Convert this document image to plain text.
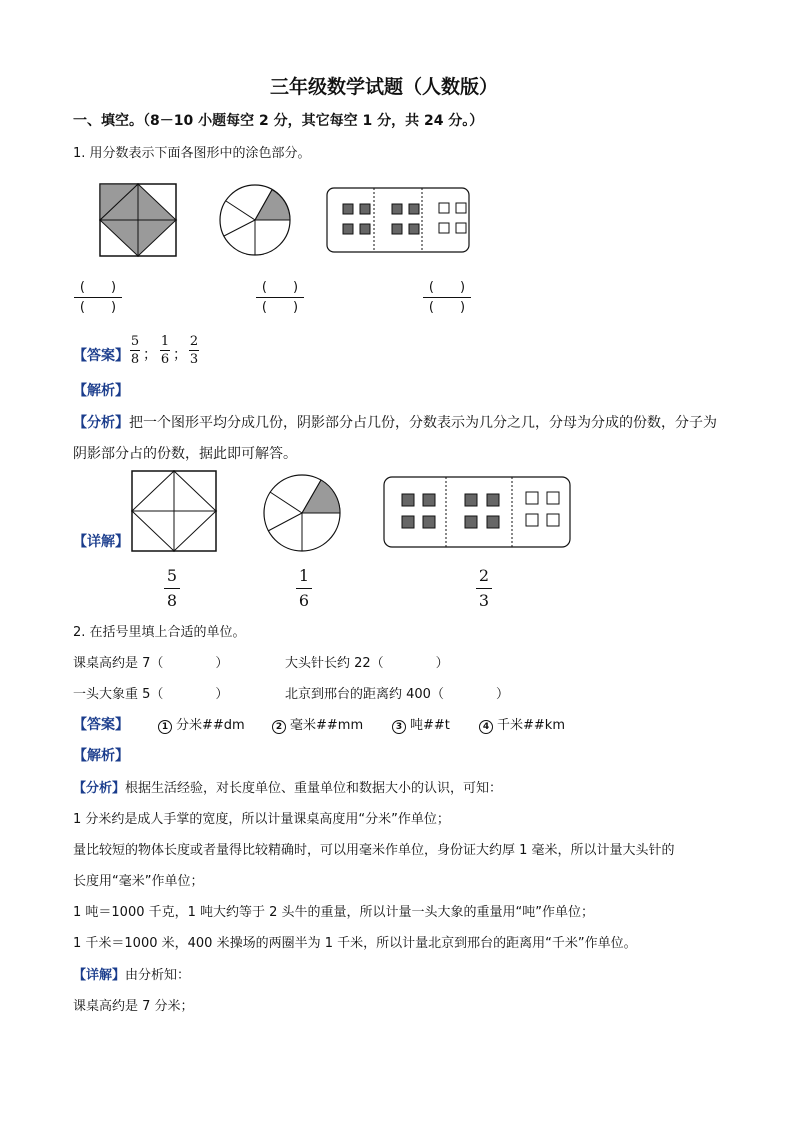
三年级数学试题（人数版）
一、填空。（8－10 小题每空 2 分，其它每空 1 分，共 24 分。）
1. 用分数表示下面各图形中的涂色部分。
(　　)
(　　)
(　　)
(　　)
(　　)
(　　)
【答案】
5
8 ；
1
6 ；
2
3
【解析】
【分析】把一个图形平均分成几份，阴影部分占几份，分数表示为几分之几，分母为分成的份数，分子为
阴影部分占的份数，据此即可解答。
【详解】
5
8
1
6
2
3
2. 在括号里填上合适的单位。
课桌高约是 7（　　　　）	大头针长约 22（　　　　）
一头大象重 5（　　　　）	北京到邢台的距离约 400（　　　　）
【答案】	1 分米##dm	2 毫米##mm	3 吨##t	4 千米##km
【解析】
【分析】根据生活经验，对长度单位、重量单位和数据大小的认识，可知：
1 分米约是成人手掌的宽度，所以计量课桌高度用“分米”作单位；
量比较短的物体长度或者量得比较精确时，可以用毫米作单位，身份证大约厚 1 毫米，所以计量大头针的
长度用“毫米”作单位；
1 吨＝1000 千克，1 吨大约等于 2 头牛的重量，所以计量一头大象的重量用“吨”作单位；
1 千米＝1000 米，400 米操场的两圈半为 1 千米，所以计量北京到邢台的距离用“千米”作单位。
【详解】由分析知：
课桌高约是 7 分米；
